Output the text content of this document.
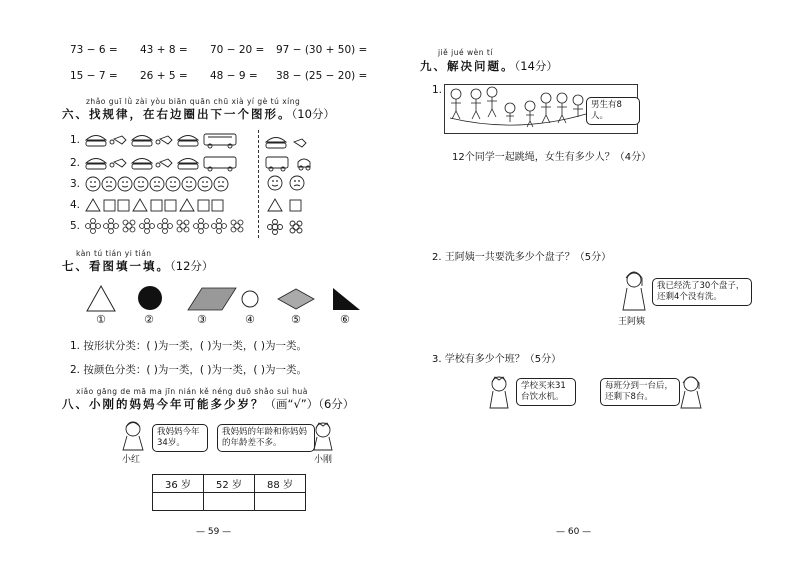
73 − 6 = 43 + 8 = 70 − 20 = 97 − (30 + 50) =
15 − 7 = 26 + 5 = 48 − 9 = 38 − (25 − 20) =
zhǎo guī lǜ zài yòu biān quān chū xià yí gè tú xíng
六、找规律，在右边圈出下一个图形。（10分）
1.
2.
3.
4.
5.
kàn tú tián yi tián
七、看图填一填。（12分）
①	②	③	④	⑤	⑥
1. 按形状分类：( )为一类，( )为一类，( )为一类。
2. 按颜色分类：( )为一类，( )为一类，( )为一类。
xiǎo gāng de mā ma jīn nián kě néng duō shǎo suì huà
八、小刚的妈妈今年可能多少岁？（画“√”）（6分）
小红
我妈妈今年34岁。
我妈妈的年龄和你妈妈的年龄差不多。
小刚
36 岁	52 岁	88 岁

— 59 —
jiě jué wèn tí
九、解决问题。（14分）
1.
男生有8人。
12个同学一起跳绳，女生有多少人？（4分）
2. 王阿姨一共要洗多少个盘子？（5分）
王阿姨
我已经洗了30个盘子，还剩4个没有洗。
3. 学校有多少个班？（5分）
学校买来31台饮水机。
每班分到一台后，还剩下8台。
— 60 —
